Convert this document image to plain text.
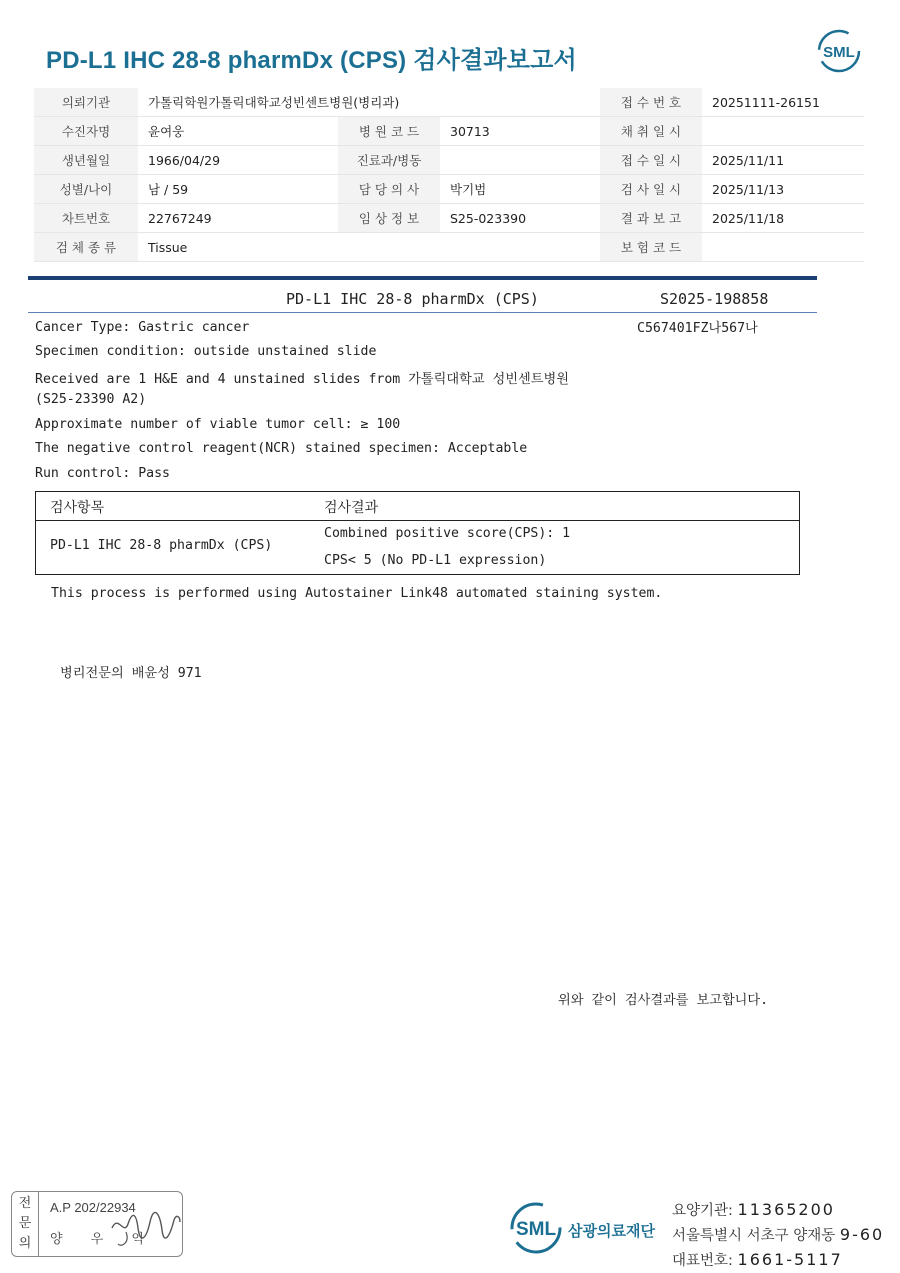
PD-L1 IHC 28-8 pharmDx (CPS) 검사결과보고서	SML
의뢰기관	가톨릭학원가톨릭대학교성빈센트병원(병리과)			접 수 번 호	20251111-26151
수진자명	윤여웅	병 원 코 드	30713	채 취 일 시	
생년월일	1966/04/29	진료과/병동		접 수 일 시	2025/11/11
성별/나이	남 / 59	담 당 의 사	박기범	검 사 일 시	2025/11/13
차트번호	22767249	임 상 정 보	S25-023390	결 과 보 고	2025/11/18
검 체 종 류	Tissue			보 험 코 드	
PD-L1 IHC 28-8 pharmDx (CPS)	S2025-198858
C567401FZ나567나
Cancer Type: Gastric cancer
Specimen condition: outside unstained slide
Received are 1 H&E and 4 unstained slides from 가톨릭대학교 성빈센트병원
(S25-23390 A2)
Approximate number of viable tumor cell: ≥ 100
The negative control reagent(NCR) stained specimen: Acceptable
Run control: Pass
검사항목	검사결과
PD-L1 IHC 28-8 pharmDx (CPS)
Combined positive score(CPS): 1
CPS< 5 (No PD-L1 expression)
This process is performed using Autostainer Link48 automated staining system.
병리전문의 배윤성 971
위와 같이 검사결과를 보고합니다.
전
문
의
A.P 202/22934
양 우 익	SML 삼광의료재단
요양기관: 11365200
서울특별시 서초구 양재동 9-60
대표번호: 1661-5117
